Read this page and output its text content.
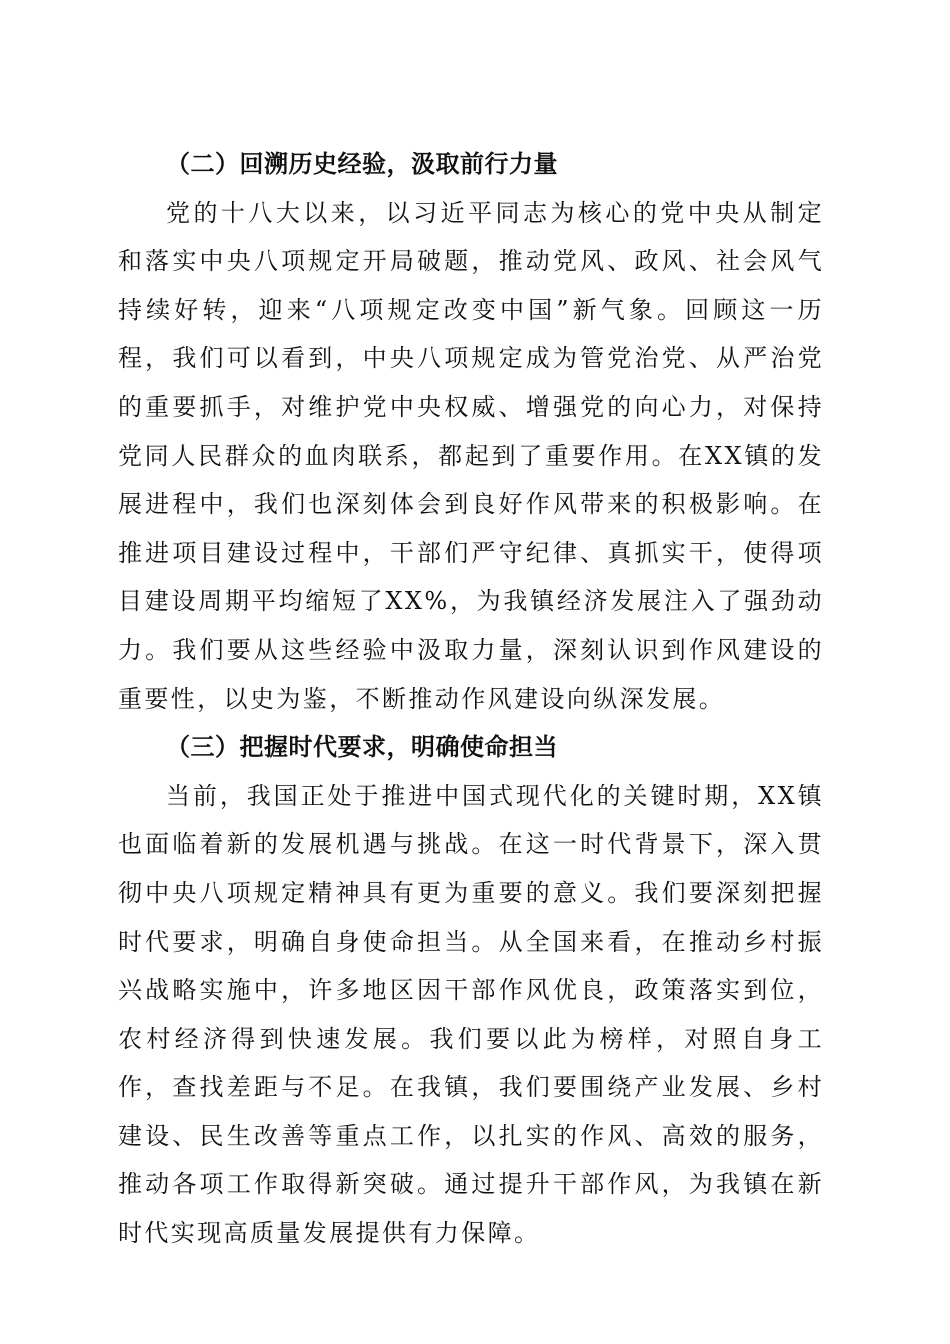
（二）回溯历史经验，汲取前行力量

党的十八大以来，以习近平同志为核心的党中央从制定和落实中央八项规定开局破题，推动党风、政风、社会风气持续好转，迎来“八项规定改变中国”新气象。回顾这一历程，我们可以看到，中央八项规定成为管党治党、从严治党的重要抓手，对维护党中央权威、增强党的向心力，对保持党同人民群众的血肉联系，都起到了重要作用。在XX镇的发展进程中，我们也深刻体会到良好作风带来的积极影响。在推进项目建设过程中，干部们严守纪律、真抓实干，使得项目建设周期平均缩短了XX%，为我镇经济发展注入了强劲动力。我们要从这些经验中汲取力量，深刻认识到作风建设的重要性，以史为鉴，不断推动作风建设向纵深发展。

（三）把握时代要求，明确使命担当

当前，我国正处于推进中国式现代化的关键时期，XX镇也面临着新的发展机遇与挑战。在这一时代背景下，深入贯彻中央八项规定精神具有更为重要的意义。我们要深刻把握时代要求，明确自身使命担当。从全国来看，在推动乡村振兴战略实施中，许多地区因干部作风优良，政策落实到位，农村经济得到快速发展。我们要以此为榜样，对照自身工作，查找差距与不足。在我镇，我们要围绕产业发展、乡村建设、民生改善等重点工作，以扎实的作风、高效的服务，推动各项工作取得新突破。通过提升干部作风，为我镇在新时代实现高质量发展提供有力保障。
